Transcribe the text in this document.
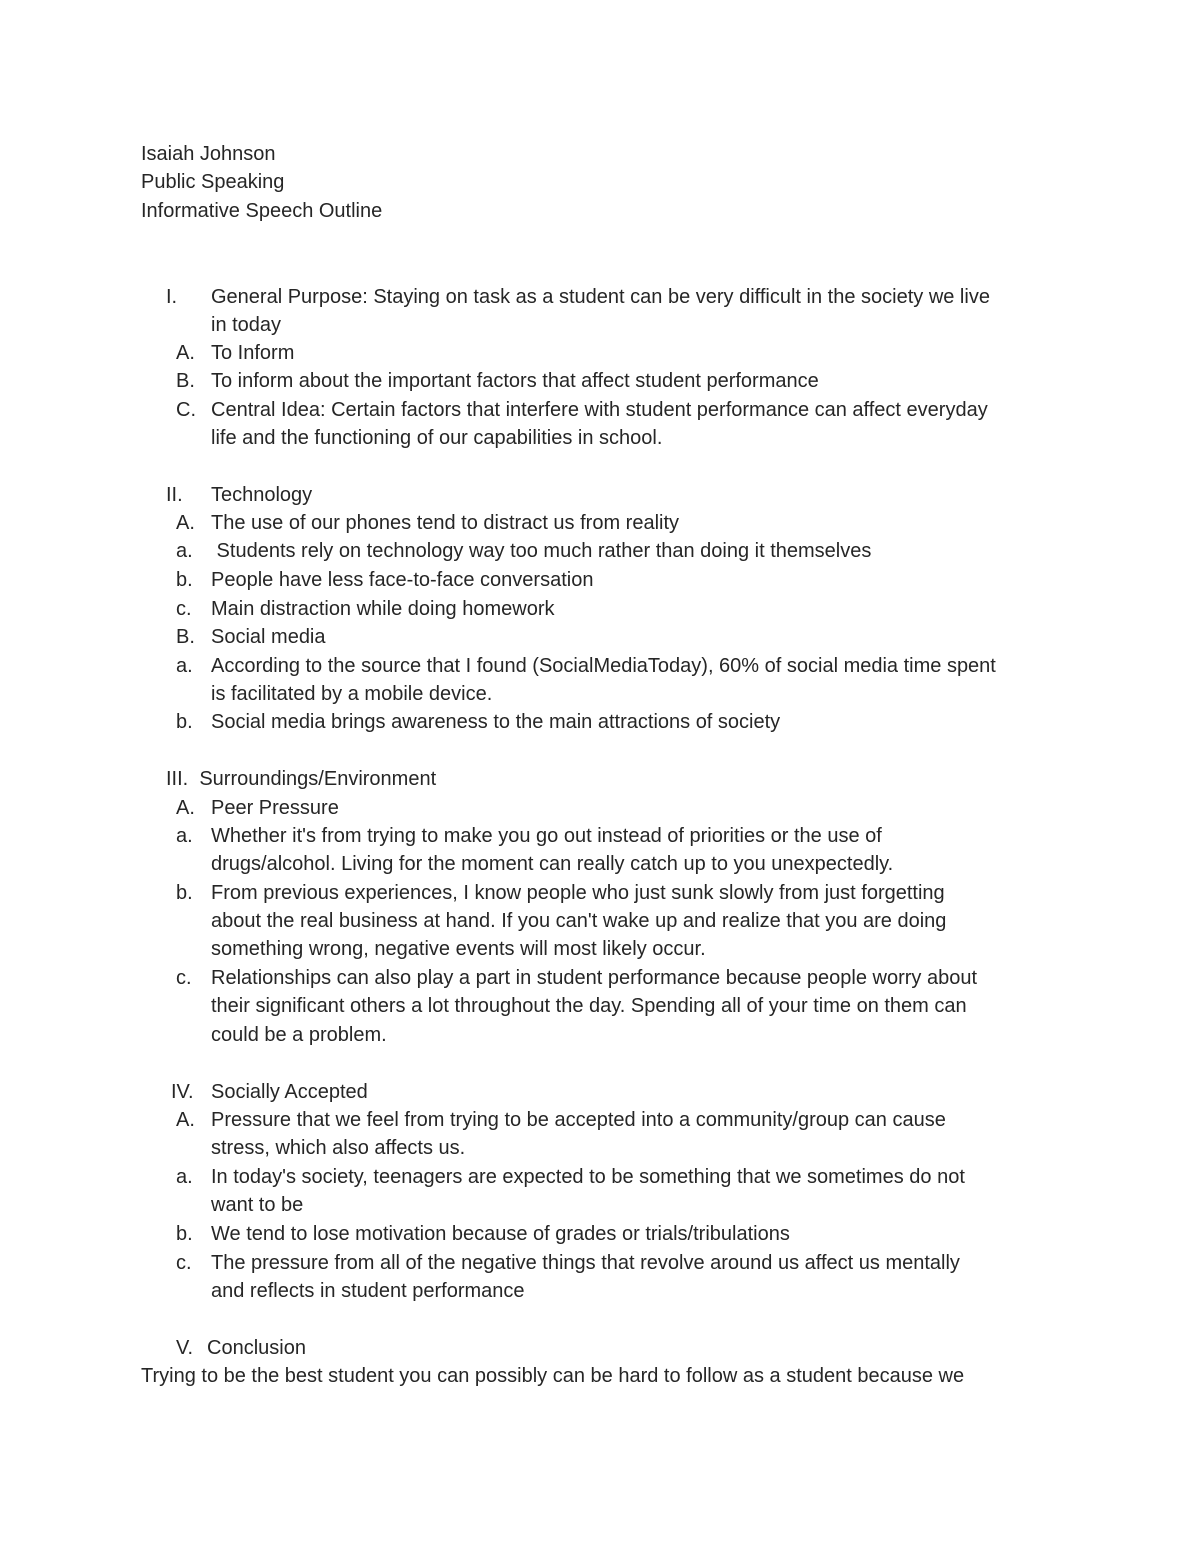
Isaiah Johnson
Public Speaking
Informative Speech Outline
I. General Purpose: Staying on task as a student can be very difficult in the society we live
in today
A. To Inform
B. To inform about the important factors that affect student performance
C. Central Idea: Certain factors that interfere with student performance can affect everyday
life and the functioning of our capabilities in school.
II. Technology
A. The use of our phones tend to distract us from reality
a. Students rely on technology way too much rather than doing it themselves
b. People have less face-to-face conversation
c. Main distraction while doing homework
B. Social media
a. According to the source that I found (SocialMediaToday), 60% of social media time spent
is facilitated by a mobile device.
b. Social media brings awareness to the main attractions of society
III.  Surroundings/Environment
A. Peer Pressure
a. Whether it's from trying to make you go out instead of priorities or the use of
drugs/alcohol. Living for the moment can really catch up to you unexpectedly.
b. From previous experiences, I know people who just sunk slowly from just forgetting
about the real business at hand. If you can't wake up and realize that you are doing
something wrong, negative events will most likely occur.
c. Relationships can also play a part in student performance because people worry about
their significant others a lot throughout the day. Spending all of your time on them can
could be a problem.
IV. Socially Accepted
A. Pressure that we feel from trying to be accepted into a community/group can cause
stress, which also affects us.
a. In today's society, teenagers are expected to be something that we sometimes do not
want to be
b. We tend to lose motivation because of grades or trials/tribulations
c. The pressure from all of the negative things that revolve around us affect us mentally
and reflects in student performance
V. Conclusion
Trying to be the best student you can possibly can be hard to follow as a student because we
